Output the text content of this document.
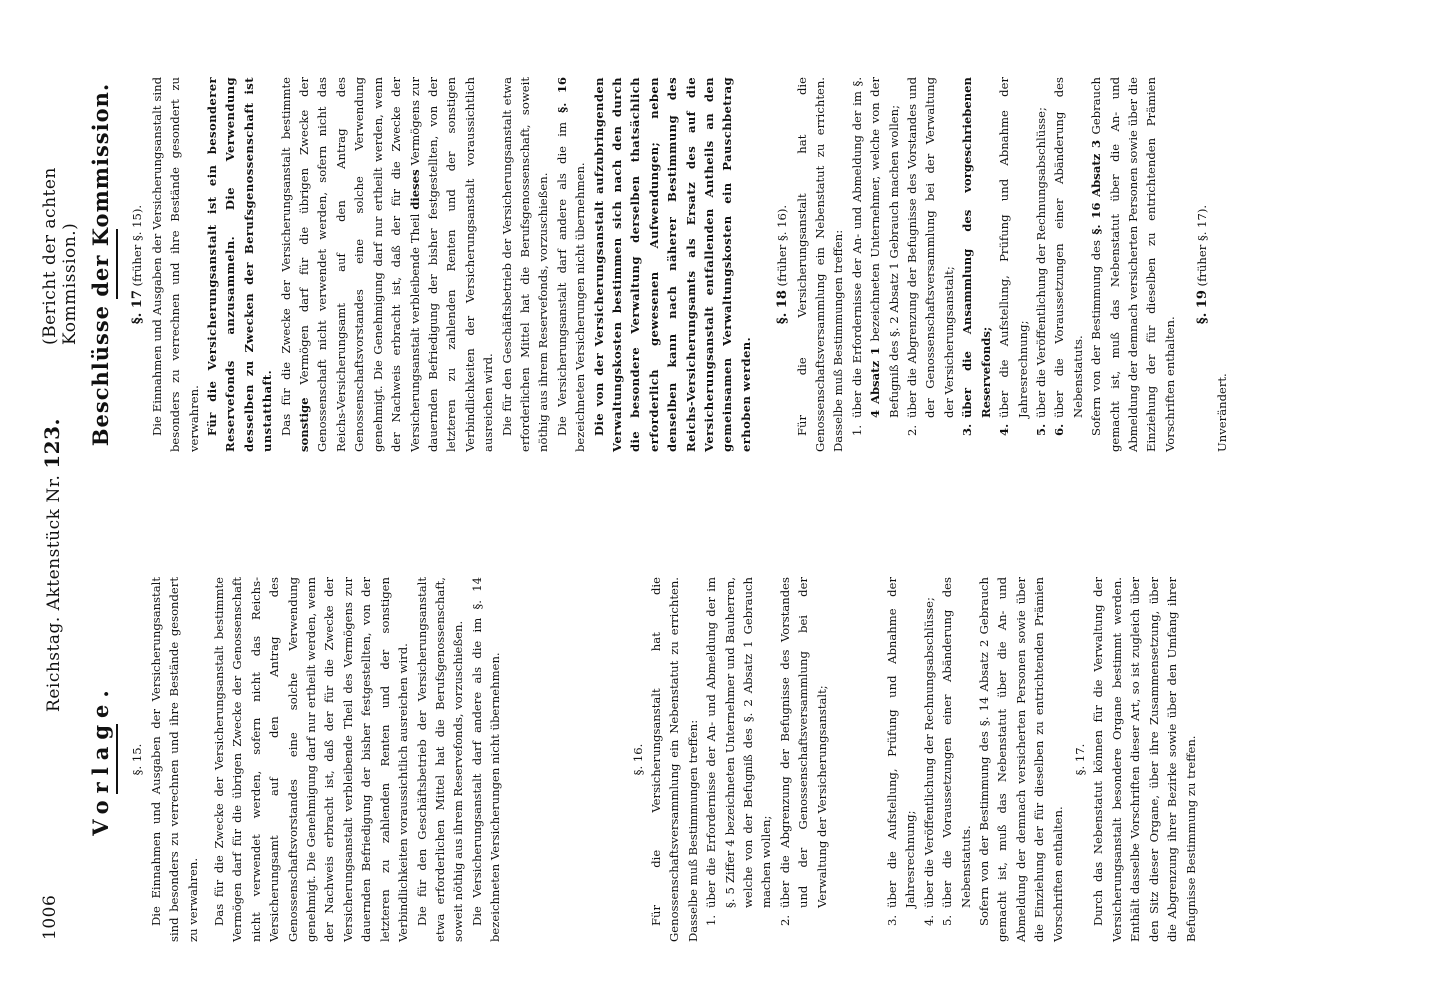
1006
Reichstag. Aktenstück Nr. 123.
(Bericht der achten Kommission.)
Vorlage. §. 15. Die Einnahmen und Ausgaben der Versicherungsanstalt sind besonders zu verrechnen und ihre Bestände gesondert zu verwahren. Das für die Zwecke der Versicherungsanstalt bestimmte Vermögen darf für die übrigen Zwecke der Genossenschaft nicht verwendet werden, sofern nicht das Reichs-Versicherungsamt auf den Antrag des Genossenschaftsvorstandes eine solche Verwendung genehmigt. Die Genehmigung darf nur ertheilt werden, wenn der Nachweis erbracht ist, daß der für die Zwecke der Versicherungsanstalt verbleibende Theil des Vermögens zur dauernden Befriedigung der bisher festgestellten, von der letzteren zu zahlenden Renten und der sonstigen Verbindlichkeiten voraussichtlich ausreichen wird. Die für den Geschäftsbetrieb der Versicherungsanstalt etwa erforderlichen Mittel hat die Berufsgenossenschaft, soweit nöthig aus ihrem Reservefonds, vorzuschießen. Die Versicherungsanstalt darf andere als die im §. 14 bezeichneten Versicherungen nicht übernehmen.	§. 16. Für die Versicherungsanstalt hat die Genossenschaftsversammlung ein Nebenstatut zu errichten. Dasselbe muß Bestimmungen treffen: 1.
über die Erfordernisse der An- und Abmeldung der im §. 5 Ziffer 4 bezeichneten Unternehmer und Bauherren, welche von der Befugniß des §. 2 Absatz 1 Gebrauch machen wollen;
2.
über die Abgrenzung der Befugnisse des Vorstandes und der Genossenschaftsversammlung bei der Verwaltung der Versicherungsanstalt;
3.
über die Aufstellung, Prüfung und Abnahme der Jahresrechnung;
4.
über die Veröffentlichung der Rechnungsabschlüsse;
5.
über die Voraussetzungen einer Abänderung des Nebenstatuts. Sofern von der Bestimmung des §. 14 Absatz 2 Gebrauch gemacht ist, muß das Nebenstatut über die An- und Abmeldung der demnach versicherten Personen sowie über die Einziehung der für dieselben zu entrichtenden Prämien Vorschriften enthalten.

§. 17. Durch das Nebenstatut können für die Verwaltung der Versicherungsanstalt besondere Organe bestimmt werden. Enthält dasselbe Vorschriften dieser Art, so ist zugleich über den Sitz dieser Organe, über ihre Zusammensetzung, über die Abgrenzung ihrer Bezirke sowie über den Umfang ihrer Befugnisse Bestimmung zu treffen.

Beschlüsse der Kommission. §. 17 (früher §. 15). Die Einnahmen und Ausgaben der Versicherungsanstalt sind besonders zu verrechnen und ihre Bestände gesondert zu verwahren. Für die Versicherungsanstalt ist ein besonderer Reservefonds anzusammeln. Die Verwendung desselben zu Zwecken der Berufsgenossenschaft ist unstatthaft. Das für die Zwecke der Versicherungsanstalt bestimmte sonstige Vermögen darf für die übrigen Zwecke der Genossenschaft nicht verwendet werden, sofern nicht das Reichs-Versicherungsamt auf den Antrag des Genossenschaftsvorstandes eine solche Verwendung genehmigt. Die Genehmigung darf nur ertheilt werden, wenn der Nachweis erbracht ist, daß der für die Zwecke der Versicherungsanstalt verbleibende Theil dieses Vermögens zur dauernden Befriedigung der bisher festgestellten, von der letzteren zu zahlenden Renten und der sonstigen Verbindlichkeiten der Versicherungsanstalt voraussichtlich ausreichen wird. Die für den Geschäftsbetrieb der Versicherungsanstalt etwa erforderlichen Mittel hat die Berufsgenossenschaft, soweit nöthig aus ihrem Reservefonds, vorzuschießen. Die Versicherungsanstalt darf andere als die im §. 16 bezeichneten Versicherungen nicht übernehmen. Die von der Versicherungsanstalt aufzubringenden Verwaltungskosten bestimmen sich nach den durch die besondere Verwaltung derselben thatsächlich erforderlich gewesenen Aufwendungen; neben denselben kann nach näherer Bestimmung des Reichs-Versicherungsamts als Ersatz des auf die Versicherungsanstalt entfallenden Antheils an den gemeinsamen Verwaltungskosten ein Pauschbetrag erhoben werden.

§. 18 (früher §. 16). Für die Versicherungsanstalt hat die Genossenschaftsversammlung ein Nebenstatut zu errichten. Dasselbe muß Bestimmungen treffen: 1.
über die Erfordernisse der An- und Abmeldung der im §. 4 Absatz 1 bezeichneten Unternehmer, welche von der Befugniß des §. 2 Absatz 1 Gebrauch machen wollen;
2.
über die Abgrenzung der Befugnisse des Vorstandes und der Genossenschaftsversammlung bei der Verwaltung der Versicherungsanstalt;
3.
über die Ansammlung des vorgeschriebenen Reservefonds;
4.
über die Aufstellung, Prüfung und Abnahme der Jahresrechnung;
5.
über die Veröffentlichung der Rechnungsabschlüsse;
6.
über die Voraussetzungen einer Abänderung des Nebenstatuts. Sofern von der Bestimmung des §. 16 Absatz 3 Gebrauch gemacht ist, muß das Nebenstatut über die An- und Abmeldung der demnach versicherten Personen sowie über die Einziehung der für dieselben zu entrichtenden Prämien Vorschriften enthalten.

§. 19 (früher §. 17).

Unverändert.
